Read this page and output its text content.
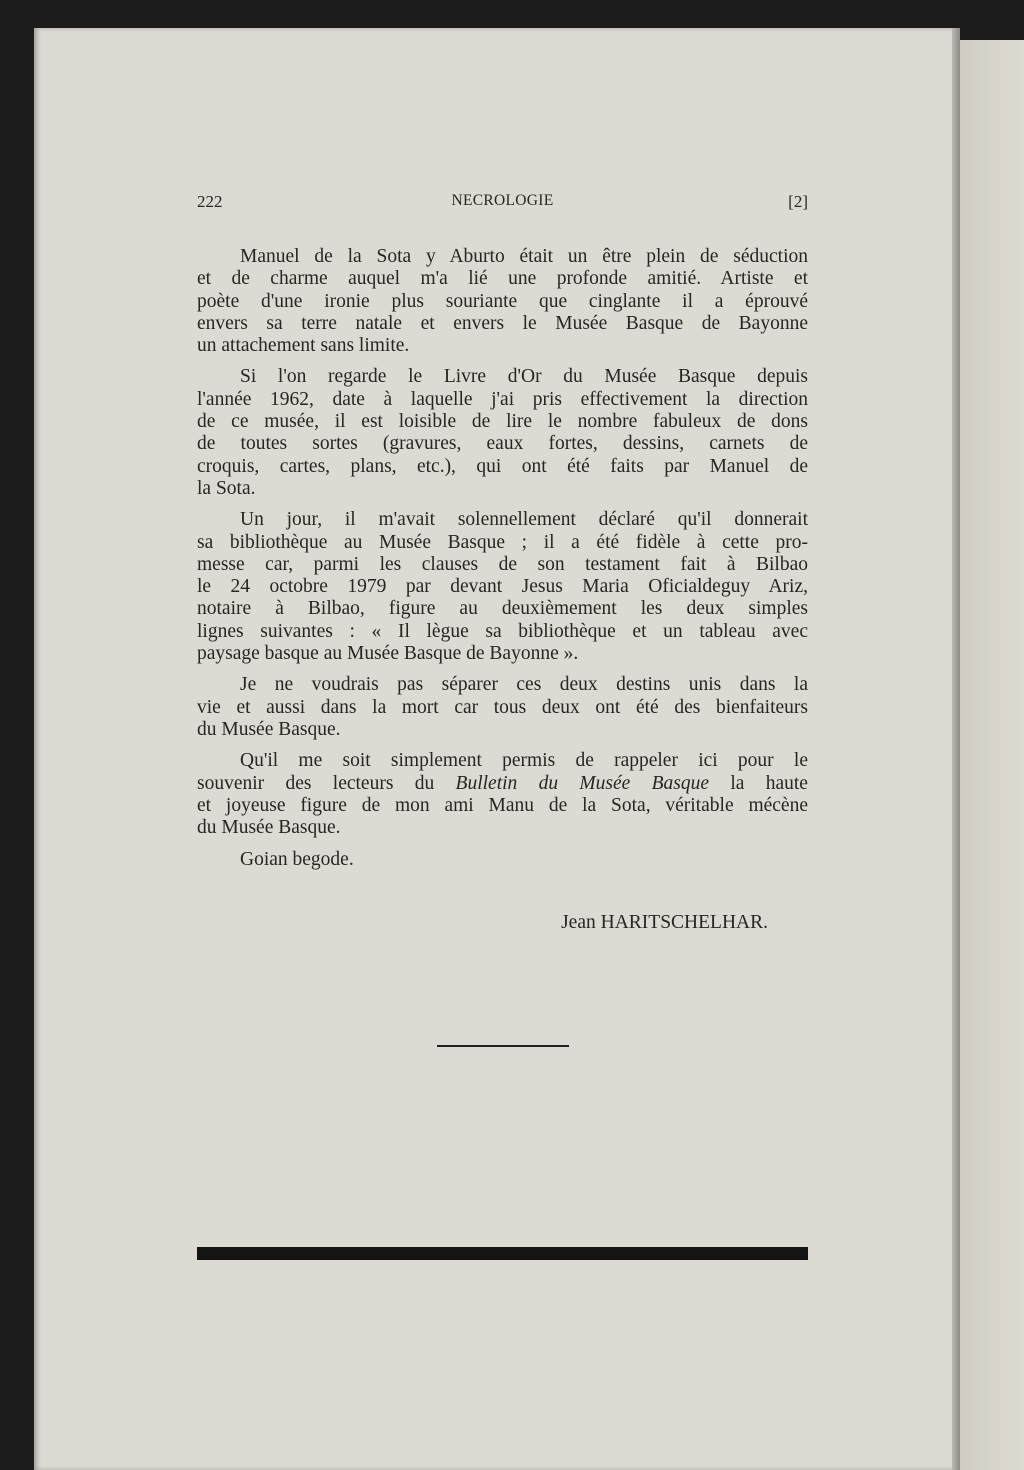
222	NECROLOGIE	[2]
Manuel de la Sota y Aburto était un être plein de séduction
et de charme auquel m'a lié une profonde amitié. Artiste et
poète d'une ironie plus souriante que cinglante il a éprouvé
envers sa terre natale et envers le Musée Basque de Bayonne
un attachement sans limite.
Si l'on regarde le Livre d'Or du Musée Basque depuis
l'année 1962, date à laquelle j'ai pris effectivement la direction
de ce musée, il est loisible de lire le nombre fabuleux de dons
de toutes sortes (gravures, eaux fortes, dessins, carnets de
croquis, cartes, plans, etc.), qui ont été faits par Manuel de
la Sota.
Un jour, il m'avait solennellement déclaré qu'il donnerait
sa bibliothèque au Musée Basque ; il a été fidèle à cette pro-
messe car, parmi les clauses de son testament fait à Bilbao
le 24 octobre 1979 par devant Jesus Maria Oficialdeguy Ariz,
notaire à Bilbao, figure au deuxièmement les deux simples
lignes suivantes : « Il lègue sa bibliothèque et un tableau avec
paysage basque au Musée Basque de Bayonne ».
Je ne voudrais pas séparer ces deux destins unis dans la
vie et aussi dans la mort car tous deux ont été des bienfaiteurs
du Musée Basque.
Qu'il me soit simplement permis de rappeler ici pour le
souvenir des lecteurs du Bulletin du Musée Basque la haute
et joyeuse figure de mon ami Manu de la Sota, véritable mécène
du Musée Basque.
Goian begode.
Jean HARITSCHELHAR.
